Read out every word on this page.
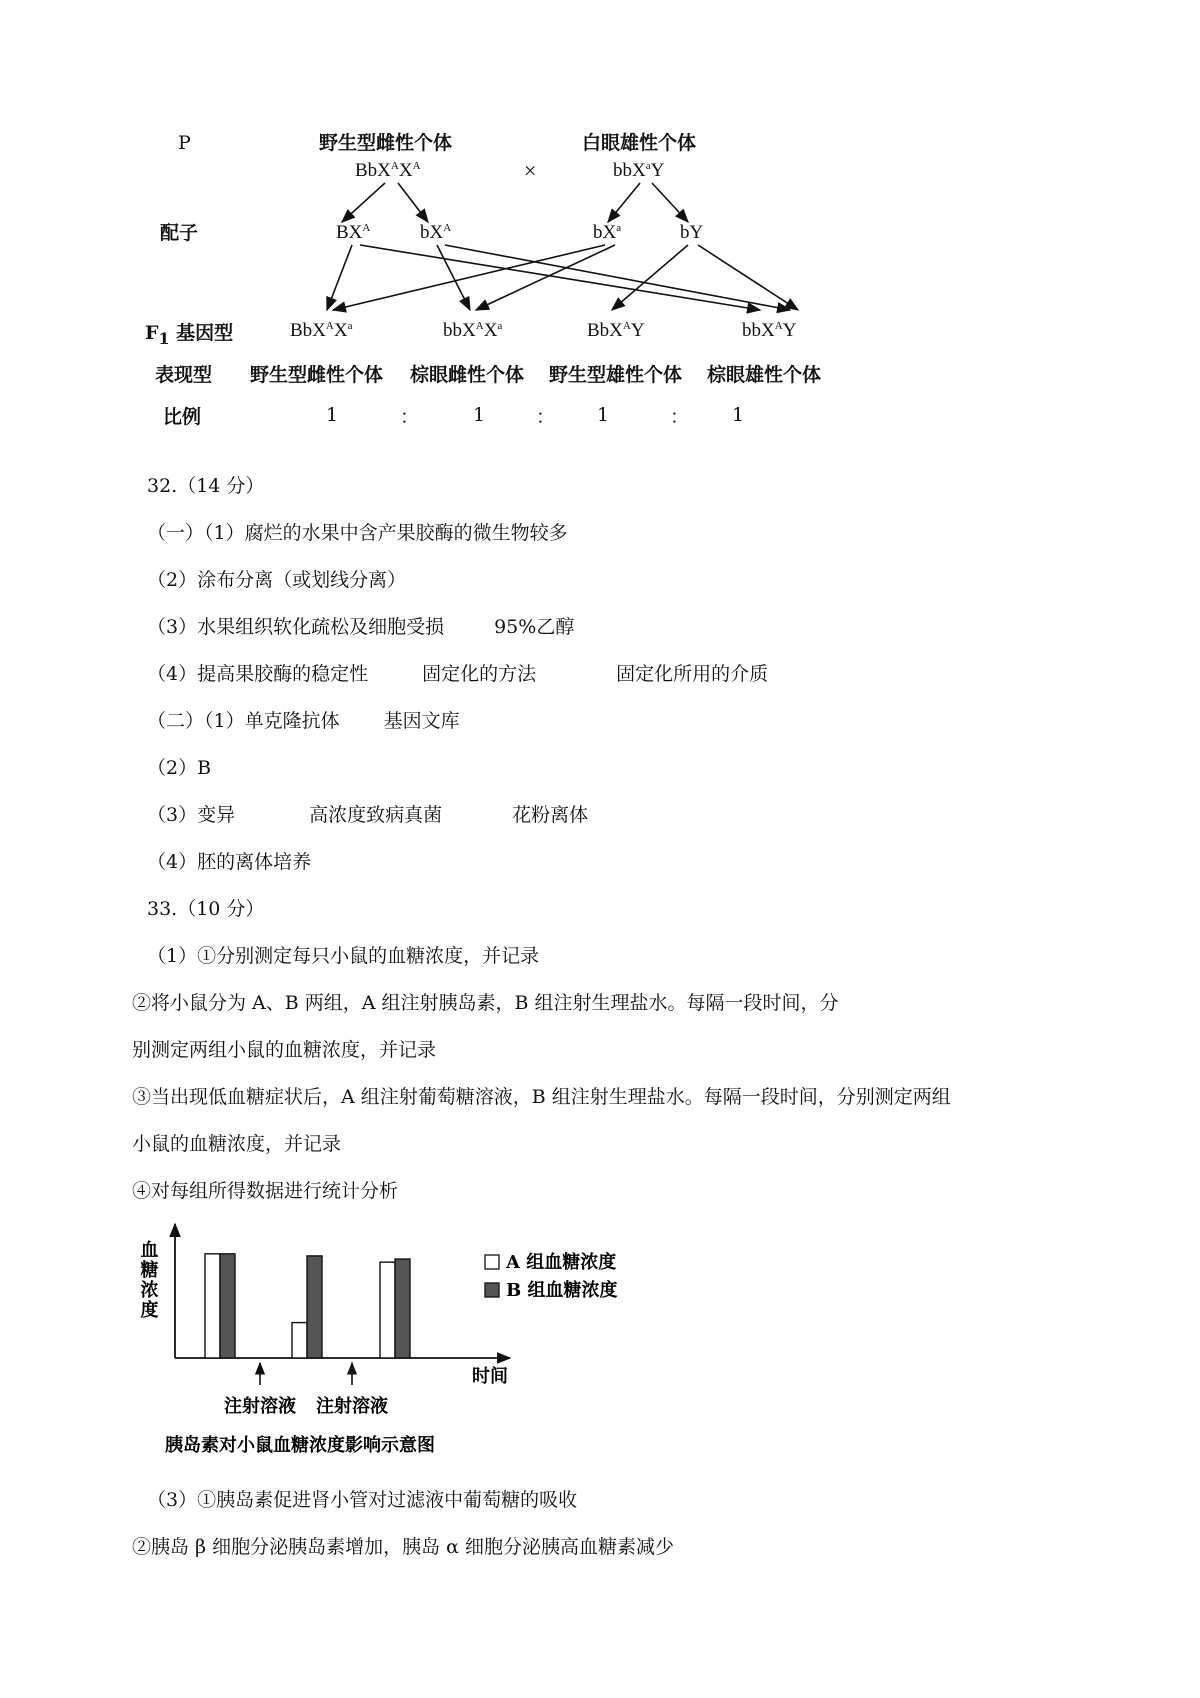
P	野生型雌性个体	白眼雄性个体
$BbX^AX^A$	×	bbX$^a$Y
配子	$BX^A$	$bX^A$	$bX^a$	bY
$F_1$ 基因型	$BbX^AX^a$	$bbX^AX^a$	BbX$^A$Y	bbX$^A$Y
表现型 野生型雌性个体 棕眼雌性个体 野生型雄性个体 棕眼雄性个体
比例	1	：	1	： 1	： 1
32.（14 分）
（一）（1）腐烂的水果中含产果胶酶的微生物较多
（2）涂布分离（或划线分离）
（3）水果组织软化疏松及细胞受损	95%乙醇
（4）提高果胶酶的稳定性	固定化的方法	固定化所用的介质
（二）（1）单克隆抗体 基因文库
（2）B
（3）变异	高浓度致病真菌	花粉离体
（4）胚的离体培养
33.（10 分）
（1）①分别测定每只小鼠的血糖浓度，并记录
②将小鼠分为 A、B 两组，A 组注射胰岛素，B 组注射生理盐水。每隔一段时间，分
别测定两组小鼠的血糖浓度，并记录
③当出现低血糖症状后，A 组注射葡萄糖溶液，B 组注射生理盐水。每隔一段时间，分别测定两组
小鼠的血糖浓度，并记录
④对每组所得数据进行统计分析
血糖浓度
时间
注射溶液 注射溶液
A 组血糖浓度
B 组血糖浓度
胰岛素对小鼠血糖浓度影响示意图
（3）①胰岛素促进肾小管对过滤液中葡萄糖的吸收
②胰岛 β 细胞分泌胰岛素增加，胰岛 α 细胞分泌胰高血糖素减少
